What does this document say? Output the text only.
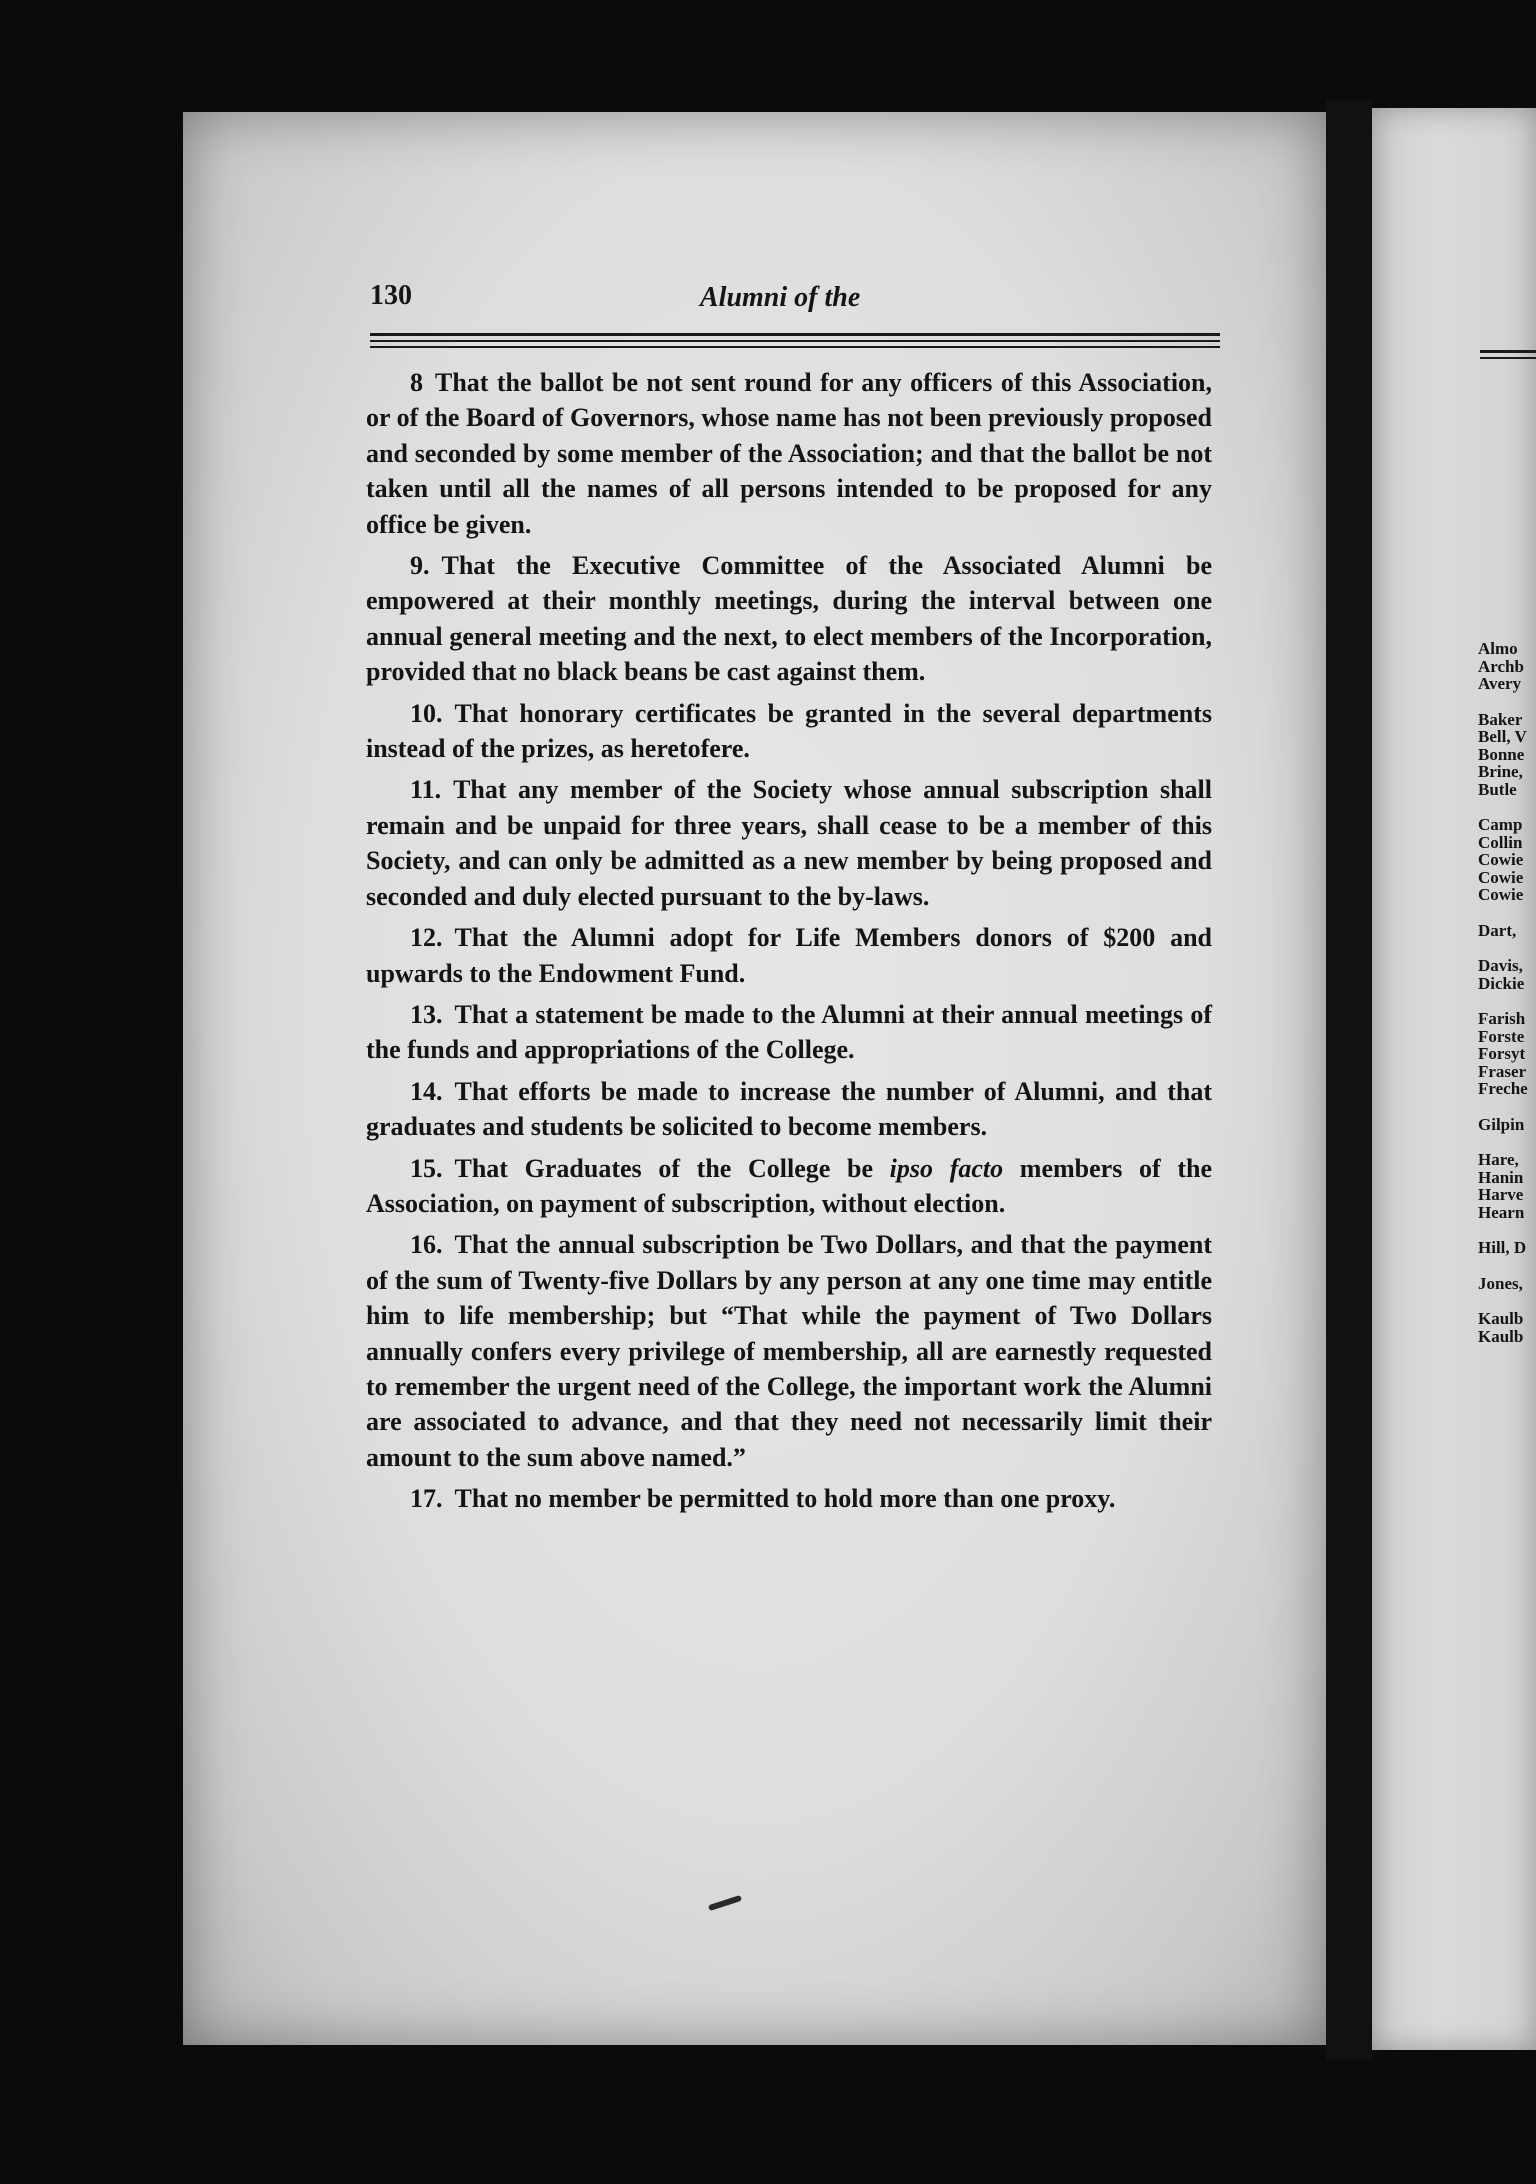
130	Alumni of the

8 That the ballot be not sent round for any officers of this Association, or of the Board of Governors, whose name has not been previously proposed and seconded by some member of the Association; and that the ballot be not taken until all the names of all persons intended to be proposed for any office be given.

9. That the Executive Committee of the Associated Alumni be empowered at their monthly meetings, during the interval between one annual general meeting and the next, to elect members of the Incorporation, provided that no black beans be cast against them.

10. That honorary certificates be granted in the several departments instead of the prizes, as heretofere.

11. That any member of the Society whose annual subscription shall remain and be unpaid for three years, shall cease to be a member of this Society, and can only be admitted as a new member by being proposed and seconded and duly elected pursuant to the by-laws.

12. That the Alumni adopt for Life Members donors of $200 and upwards to the Endowment Fund.

13. That a statement be made to the Alumni at their annual meetings of the funds and appropriations of the College.

14. That efforts be made to increase the number of Alumni, and that graduates and students be solicited to become members.

15. That Graduates of the College be ipso facto members of the Association, on payment of subscription, without election.

16. That the annual subscription be Two Dollars, and that the payment of the sum of Twenty-five Dollars by any person at any one time may entitle him to life membership; but “That while the payment of Two Dollars annually confers every privilege of membership, all are earnestly requested to remember the urgent need of the College, the important work the Alumni are associated to advance, and that they need not necessarily limit their amount to the sum above named.”

17. That no member be permitted to hold more than one proxy.

Almo
Archb
Avery
Baker
Bell, V
Bonne
Brine,
Butle
Camp
Collin
Cowie
Cowie
Cowie
Dart,
Davis,
Dickie
Farish
Forste
Forsyt
Fraser
Freche
Gilpin
Hare,
Hanin
Harve
Hearn
Hill, D
Jones,
Kaulb
Kaulb
